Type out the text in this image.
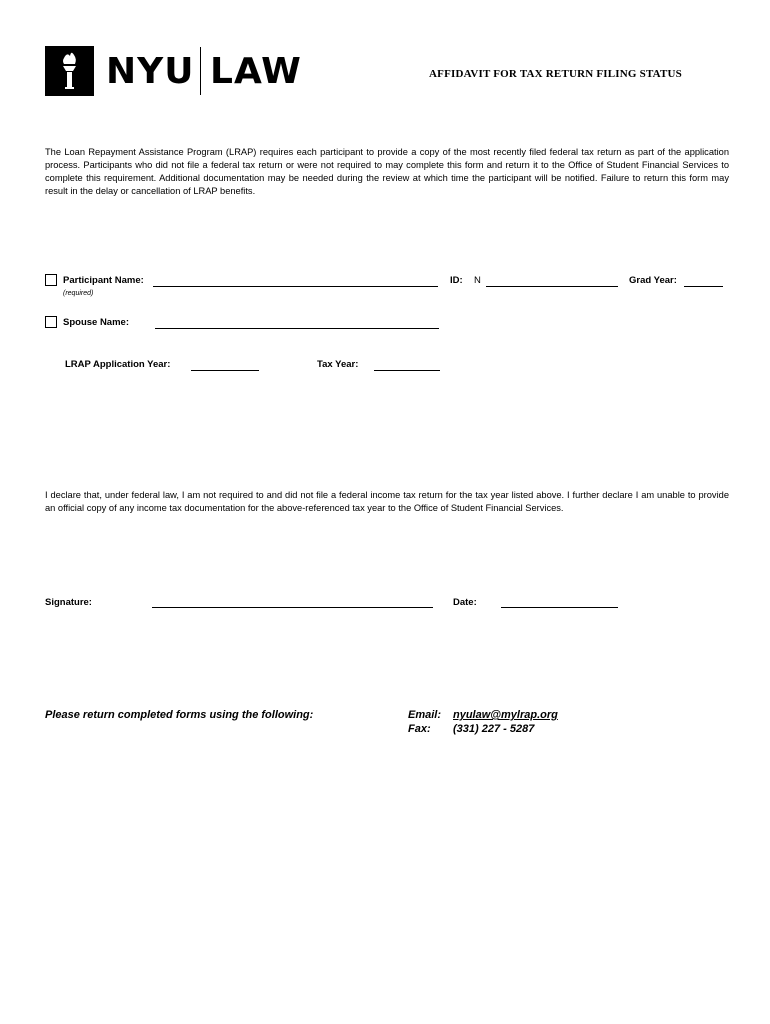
NYU LAW	AFFIDAVIT FOR TAX RETURN FILING STATUS
The Loan Repayment Assistance Program (LRAP) requires each participant to provide a copy of the most recently filed federal tax return as part of the application process. Participants who did not file a federal tax return or were not required to may complete this form and return it to the Office of Student Financial Services to complete this requirement. Additional documentation may be needed during the review at which time the participant will be notified. Failure to return this form may result in the delay or cancellation of LRAP benefits.
Participant Name:
(required)
ID: N	Grad Year:
Spouse Name:
LRAP Application Year:	Tax Year:
I declare that, under federal law, I am not required to and did not file a federal income tax return for the tax year listed above. I further declare I am unable to provide an official copy of any income tax documentation for the above-referenced tax year to the Office of Student Financial Services.
Signature:	Date:
Please return completed forms using the following:	Email: nyulaw@mylrap.org
Fax: (331) 227 - 5287
